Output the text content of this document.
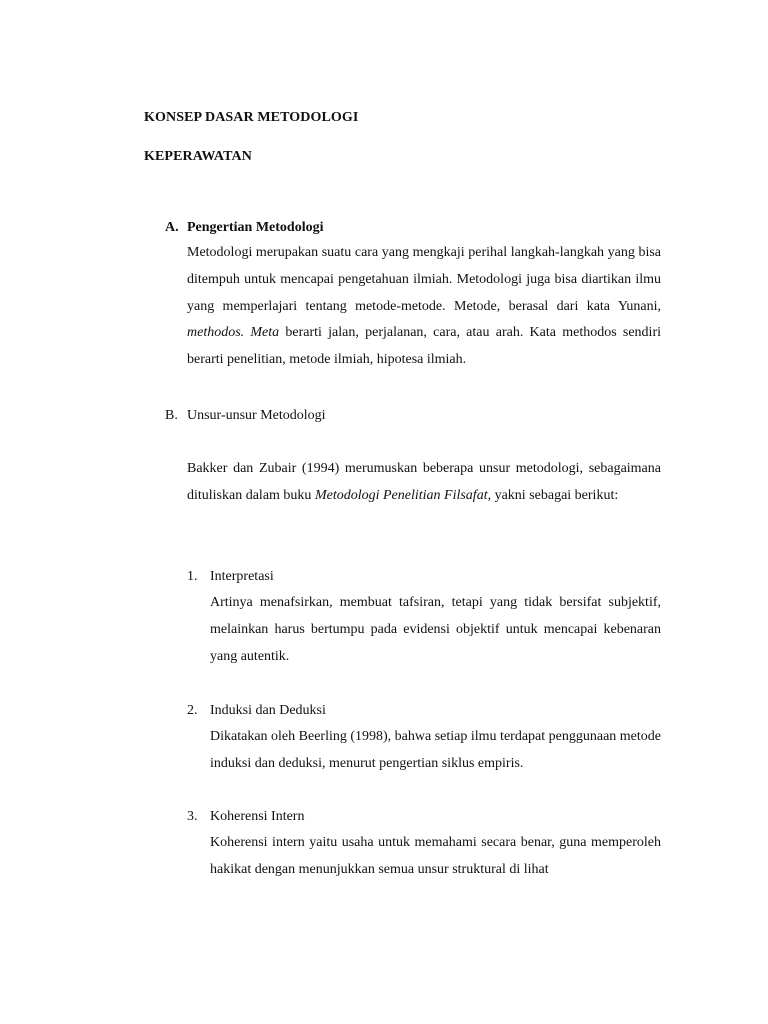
KONSEP DASAR METODOLOGI
KEPERAWATAN
A. Pengertian Metodologi
Metodologi merupakan suatu cara yang mengkaji perihal langkah-langkah yang bisa ditempuh untuk mencapai pengetahuan ilmiah. Metodologi juga bisa diartikan ilmu yang memperlajari tentang metode-metode. Metode, berasal dari kata Yunani, methodos. Meta berarti jalan, perjalanan, cara, atau arah. Kata methodos sendiri berarti penelitian, metode ilmiah, hipotesa ilmiah.
B. Unsur-unsur Metodologi
Bakker dan Zubair (1994) merumuskan beberapa unsur metodologi, sebagaimana dituliskan dalam buku Metodologi Penelitian Filsafat, yakni sebagai berikut:
1. Interpretasi
Artinya menafsirkan, membuat tafsiran, tetapi yang tidak bersifat subjektif, melainkan harus bertumpu pada evidensi objektif untuk mencapai kebenaran yang autentik.
2. Induksi dan Deduksi
Dikatakan oleh Beerling (1998), bahwa setiap ilmu terdapat penggunaan metode induksi dan deduksi, menurut pengertian siklus empiris.
3. Koherensi Intern
Koherensi intern yaitu usaha untuk memahami secara benar, guna memperoleh hakikat dengan menunjukkan semua unsur struktural di lihat
